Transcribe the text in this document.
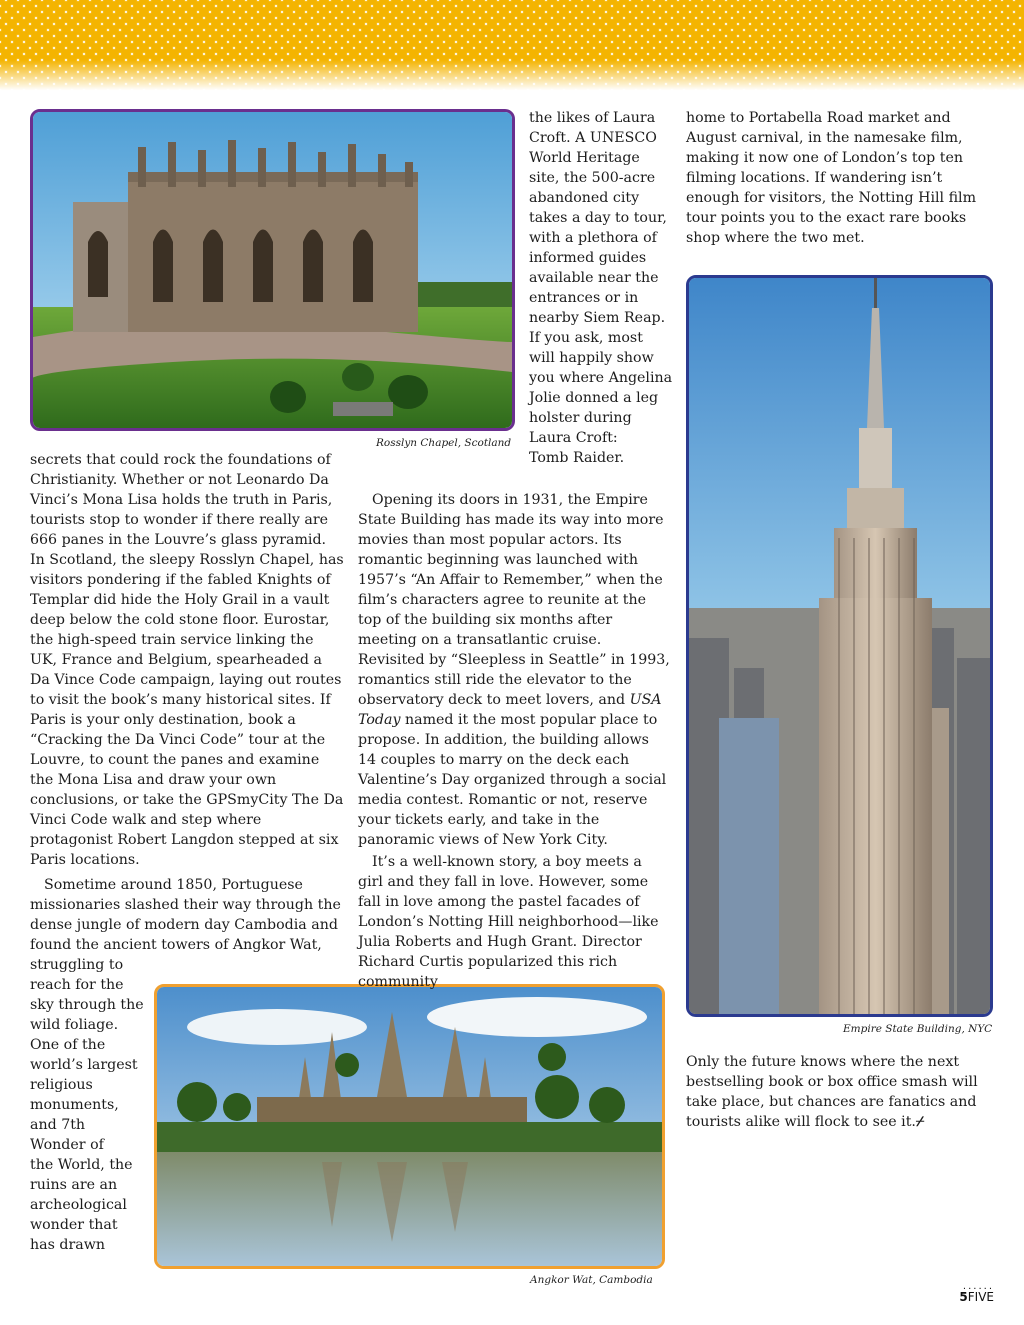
Rosslyn Chapel, Scotland
Empire State Building, NYC
Angkor Wat, Cambodia

secrets that could rock the foundations of Christianity. Whether or not Leonardo Da Vinci’s Mona Lisa holds the truth in Paris, tourists stop to wonder if there really are 666 panes in the Louvre’s glass pyramid. In Scotland, the sleepy Rosslyn Chapel, has visitors pondering if the fabled Knights of Templar did hide the Holy Grail in a vault deep below the cold stone floor. Eurostar, the high-speed train service linking the UK, France and Belgium, spearheaded a Da Vince Code campaign, laying out routes to visit the book’s many historical sites. If Paris is your only destination, book a “Cracking the Da Vinci Code” tour at the Louvre, to count the panes and examine the Mona Lisa and draw your own conclusions, or take the GPSmyCity The Da Vinci Code walk and step where protagonist Robert Langdon stepped at six Paris locations.

Sometime around 1850, Portuguese missionaries slashed their way through the dense jungle of modern day Cambodia and found the ancient towers of Angkor Wat,

struggling to
reach for the
sky through the
wild foliage.
One of the
world’s largest
religious
monuments,
and 7th
Wonder of
the World, the
ruins are an
archeological
wonder that
has drawn
the likes of Laura
Croft. A UNESCO
World Heritage
site, the 500-acre
abandoned city
takes a day to tour,
with a plethora of
informed guides
available near the
entrances or in
nearby Siem Reap.
If you ask, most
will happily show
you where Angelina
Jolie donned a leg
holster during
Laura Croft:
Tomb Raider.

Opening its doors in 1931, the Empire State Building has made its way into more movies than most popular actors. Its romantic beginning was launched with 1957’s “An Affair to Remember,” when the film’s characters agree to reunite at the top of the building six months after meeting on a transatlantic cruise. Revisited by “Sleepless in Seattle” in 1993, romantics still ride the elevator to the observatory deck to meet lovers, and USA Today named it the most popular place to propose. In addition, the building allows 14 couples to marry on the deck each Valentine’s Day organized through a social media contest. Romantic or not, reserve your tickets early, and take in the panoramic views of New York City.

It’s a well-known story, a boy meets a girl and they fall in love. However, some fall in love among the pastel facades of London’s Notting Hill neighborhood—like Julia Roberts and Hugh Grant. Director Richard Curtis popularized this rich community

home to Portabella Road market and August carnival, in the namesake film, making it now one of London’s top ten filming locations. If wandering isn’t enough for visitors, the Notting Hill film tour points you to the exact rare books shop where the two met.

Only the future knows where the next bestselling book or box office smash will take place, but chances are fanatics and tourists alike will flock to see it.⌿

......
5FIVE
